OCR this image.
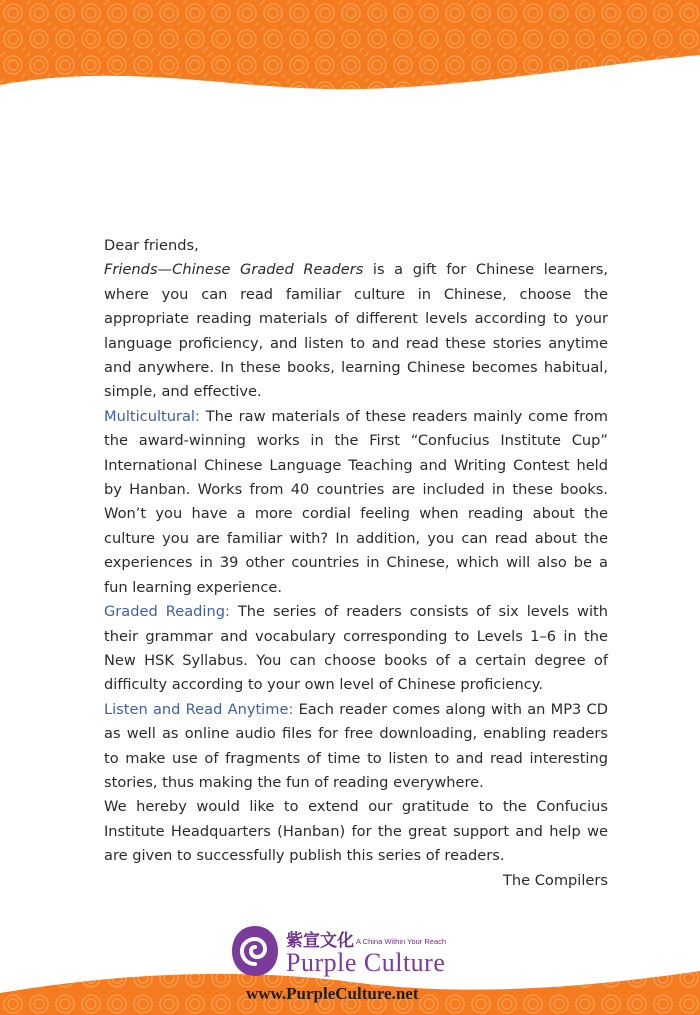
Dear friends,

Friends—Chinese Graded Readers is a gift for Chinese learners, where you can read familiar culture in Chinese, choose the appropriate reading materials of different levels according to your language proficiency, and listen to and read these stories anytime and anywhere. In these books, learning Chinese becomes habitual, simple, and effective.

Multicultural: The raw materials of these readers mainly come from the award-winning works in the First “Confucius Institute Cup” International Chinese Language Teaching and Writing Contest held by Hanban. Works from 40 countries are included in these books. Won’t you have a more cordial feeling when reading about the culture you are familiar with? In addition, you can read about the experiences in 39 other countries in Chinese, which will also be a fun learning experience.

Graded Reading: The series of readers consists of six levels with their grammar and vocabulary corresponding to Levels 1–6 in the New HSK Syllabus. You can choose books of a certain degree of difficulty according to your own level of Chinese proficiency.

Listen and Read Anytime: Each reader comes along with an MP3 CD as well as online audio files for free downloading, enabling readers to make use of fragments of time to listen to and read interesting stories, thus making the fun of reading everywhere.

We hereby would like to extend our gratitude to the Confucius Institute Headquarters (Hanban) for the great support and help we are given to successfully publish this series of readers.

The Compilers

紫宣文化 A China Within Your Reach
Purple Culture
www.PurpleCulture.net
